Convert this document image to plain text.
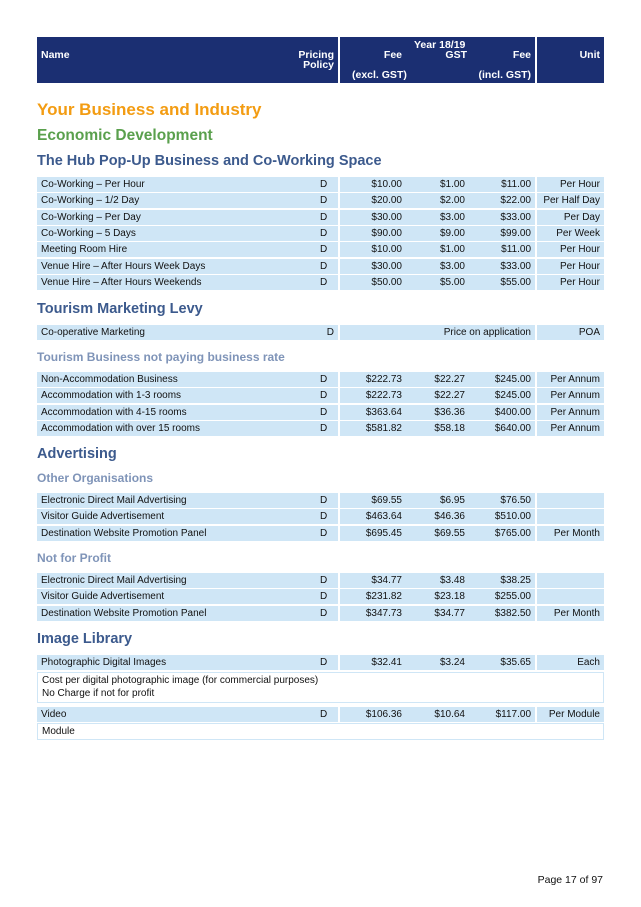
Name	Pricing
Policy
Year 18/19
Fee	GST	Fee
(excl. GST)	(incl. GST)
Unit
Your Business and Industry
Economic Development
The Hub Pop-Up Business and Co-Working Space
Co-Working – Per Hour	D	$10.00	$1.00	$11.00	Per Hour
Co-Working – 1/2 Day	D	$20.00	$2.00	$22.00	Per Half Day
Co-Working – Per Day	D	$30.00	$3.00	$33.00	Per Day
Co-Working – 5 Days	D	$90.00	$9.00	$99.00	Per Week
Meeting Room Hire	D	$10.00	$1.00	$11.00	Per Hour
Venue Hire – After Hours Week Days	D	$30.00	$3.00	$33.00	Per Hour
Venue Hire – After Hours Weekends	D	$50.00	$5.00	$55.00	Per Hour
Tourism Marketing Levy
Co-operative Marketing	D	Price on application	POA
Tourism Business not paying business rate
Non-Accommodation Business	D	$222.73	$22.27	$245.00	Per Annum
Accommodation with 1-3 rooms	D	$222.73	$22.27	$245.00	Per Annum
Accommodation with 4-15 rooms	D	$363.64	$36.36	$400.00	Per Annum
Accommodation with over 15 rooms	D	$581.82	$58.18	$640.00	Per Annum
Advertising
Other Organisations
Electronic Direct Mail Advertising	D	$69.55	$6.95	$76.50
Visitor Guide Advertisement	D	$463.64	$46.36	$510.00
Destination Website Promotion Panel	D	$695.45	$69.55	$765.00	Per Month
Not for Profit
Electronic Direct Mail Advertising	D	$34.77	$3.48	$38.25
Visitor Guide Advertisement	D	$231.82	$23.18	$255.00
Destination Website Promotion Panel	D	$347.73	$34.77	$382.50	Per Month
Image Library
Photographic Digital Images	D	$32.41	$3.24	$35.65	Each
Cost per digital photographic image (for commercial purposes)
No Charge if not for profit
Video	D	$106.36	$10.64	$117.00	Per Module
Module
Page 17 of 97
